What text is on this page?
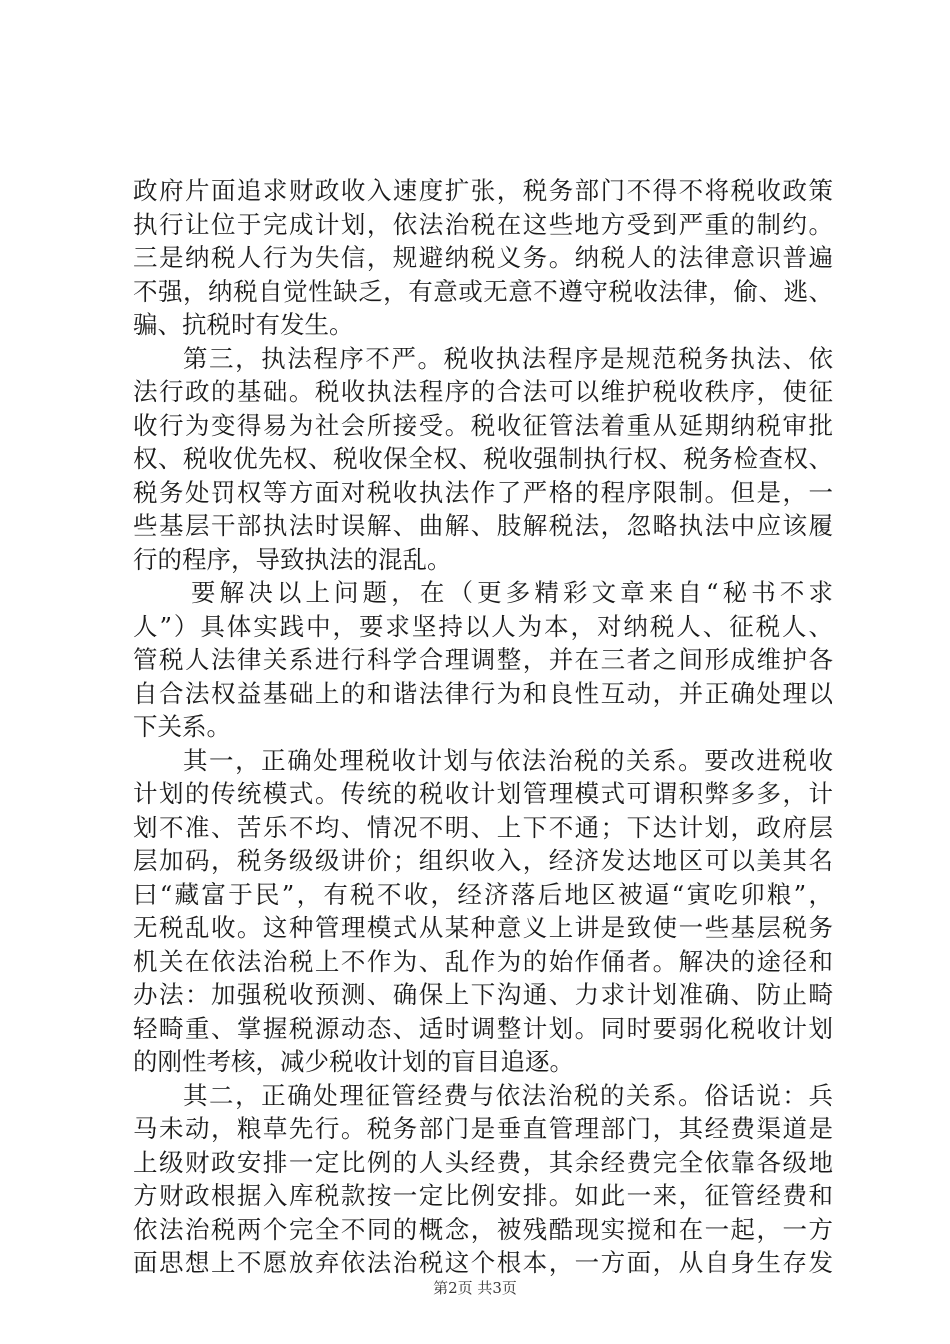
政府片面追求财政收入速度扩张，税务部门不得不将税收政策
执行让位于完成计划，依法治税在这些地方受到严重的制约。
三是纳税人行为失信，规避纳税义务。纳税人的法律意识普遍
不强，纳税自觉性缺乏，有意或无意不遵守税收法律，偷、逃、
骗、抗税时有发生。
第三，执法程序不严。税收执法程序是规范税务执法、依
法行政的基础。税收执法程序的合法可以维护税收秩序，使征
收行为变得易为社会所接受。税收征管法着重从延期纳税审批
权、税收优先权、税收保全权、税收强制执行权、税务检查权、
税务处罚权等方面对税收执法作了严格的程序限制。但是，一
些基层干部执法时误解、曲解、肢解税法，忽略执法中应该履
行的程序，导致执法的混乱。
要解决以上问题，在（更多精彩文章来自“秘书不求
人”）具体实践中，要求坚持以人为本，对纳税人、征税人、
管税人法律关系进行科学合理调整，并在三者之间形成维护各
自合法权益基础上的和谐法律行为和良性互动，并正确处理以
下关系。
其一，正确处理税收计划与依法治税的关系。要改进税收
计划的传统模式。传统的税收计划管理模式可谓积弊多多，计
划不准、苦乐不均、情况不明、上下不通；下达计划，政府层
层加码，税务级级讲价；组织收入，经济发达地区可以美其名
曰“藏富于民”，有税不收，经济落后地区被逼“寅吃卯粮”，
无税乱收。这种管理模式从某种意义上讲是致使一些基层税务
机关在依法治税上不作为、乱作为的始作俑者。解决的途径和
办法：加强税收预测、确保上下沟通、力求计划准确、防止畸
轻畸重、掌握税源动态、适时调整计划。同时要弱化税收计划
的刚性考核，减少税收计划的盲目追逐。
其二，正确处理征管经费与依法治税的关系。俗话说：兵
马未动，粮草先行。税务部门是垂直管理部门，其经费渠道是
上级财政安排一定比例的人头经费，其余经费完全依靠各级地
方财政根据入库税款按一定比例安排。如此一来，征管经费和
依法治税两个完全不同的概念，被残酷现实搅和在一起，一方
面思想上不愿放弃依法治税这个根本，一方面，从自身生存发
第2页 共3页
